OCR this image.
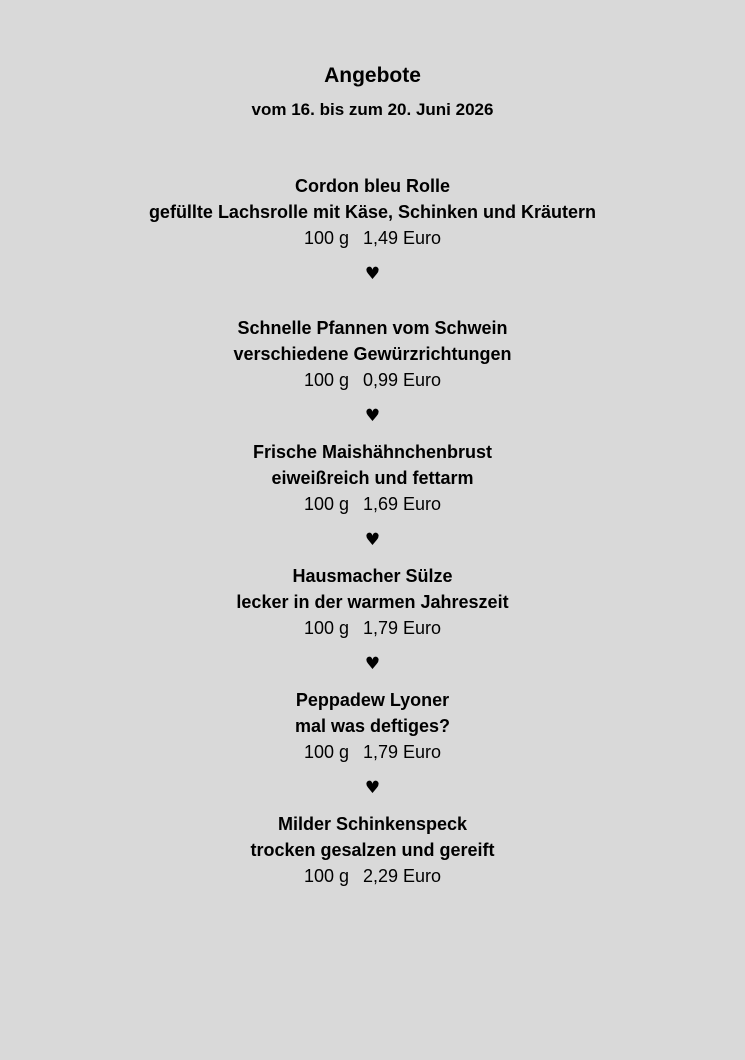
Angebote
vom 16. bis zum 20. Juni 2026
Cordon bleu Rolle
gefüllte Lachsrolle mit Käse, Schinken und Kräutern
100 g 1,49 Euro
♥
Schnelle Pfannen vom Schwein
verschiedene Gewürzrichtungen
100 g 0,99 Euro
♥
Frische Maishähnchenbrust
eiweißreich und fettarm
100 g 1,69 Euro
♥
Hausmacher Sülze
lecker in der warmen Jahreszeit
100 g 1,79 Euro
♥
Peppadew Lyoner
mal was deftiges?
100 g 1,79 Euro
♥
Milder Schinkenspeck
trocken gesalzen und gereift
100 g 2,29 Euro
